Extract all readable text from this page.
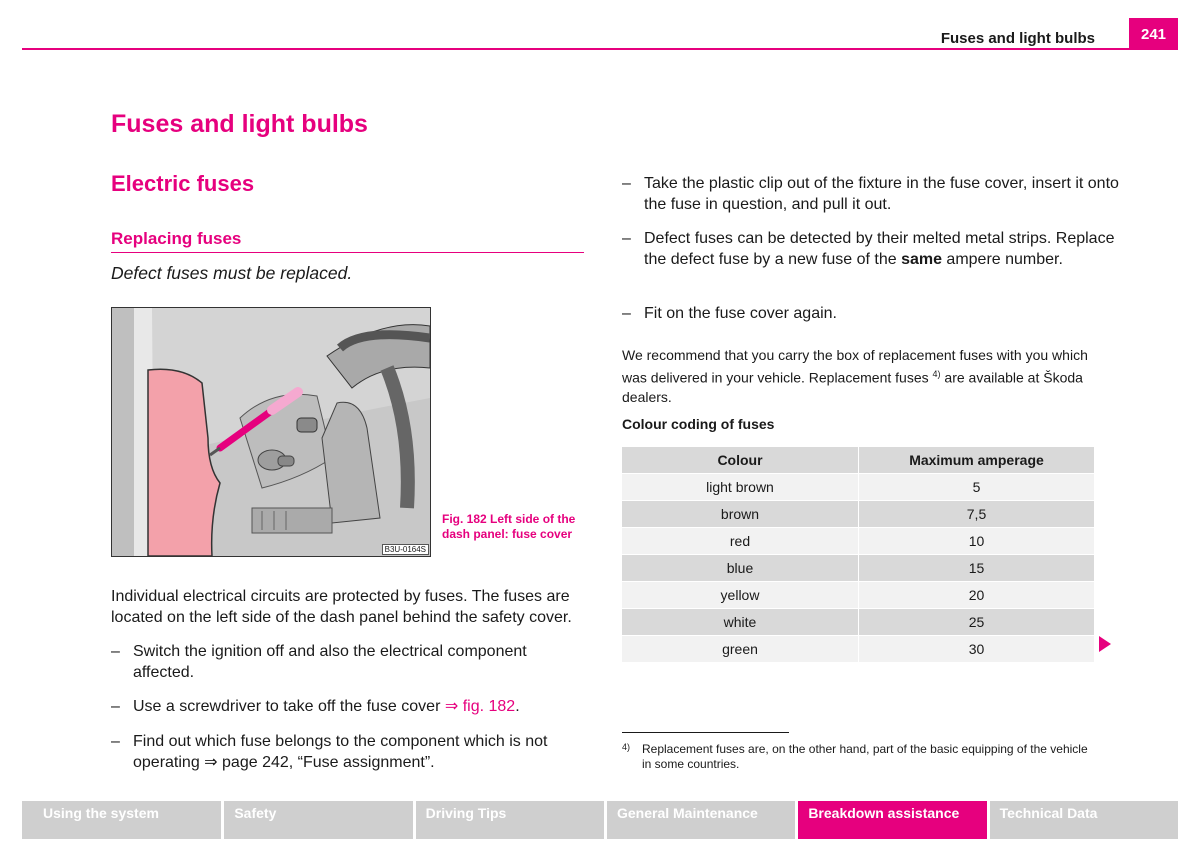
Fuses and light bulbs	241
Fuses and light bulbs
Electric fuses
Replacing fuses
Defect fuses must be replaced.
B3U-0164S
Fig. 182 Left side of the dash panel: fuse cover
Individual electrical circuits are protected by fuses. The fuses are located on the left side of the dash panel behind the safety cover.
– Switch the ignition off and also the electrical component affected.
– Use a screwdriver to take off the fuse cover ⇒ fig. 182.
– Find out which fuse belongs to the component which is not operating ⇒ page 242, “Fuse assignment”.
– Take the plastic clip out of the fixture in the fuse cover, insert it onto the fuse in question, and pull it out.
– Defect fuses can be detected by their melted metal strips. Replace the defect fuse by a new fuse of the same ampere number.
– Fit on the fuse cover again.
We recommend that you carry the box of replacement fuses with you which was delivered in your vehicle. Replacement fuses $^{4)}$ are available at Škoda dealers.
Colour coding of fuses
Colour	Maximum amperage
light brown	5
brown	7,5
red	10
blue	15
yellow	20
white	25
green	30
4) Replacement fuses are, on the other hand, part of the basic equipping of the vehicle in some countries.
Using the system	Safety	Driving Tips	General Maintenance	Breakdown assistance	Technical Data
